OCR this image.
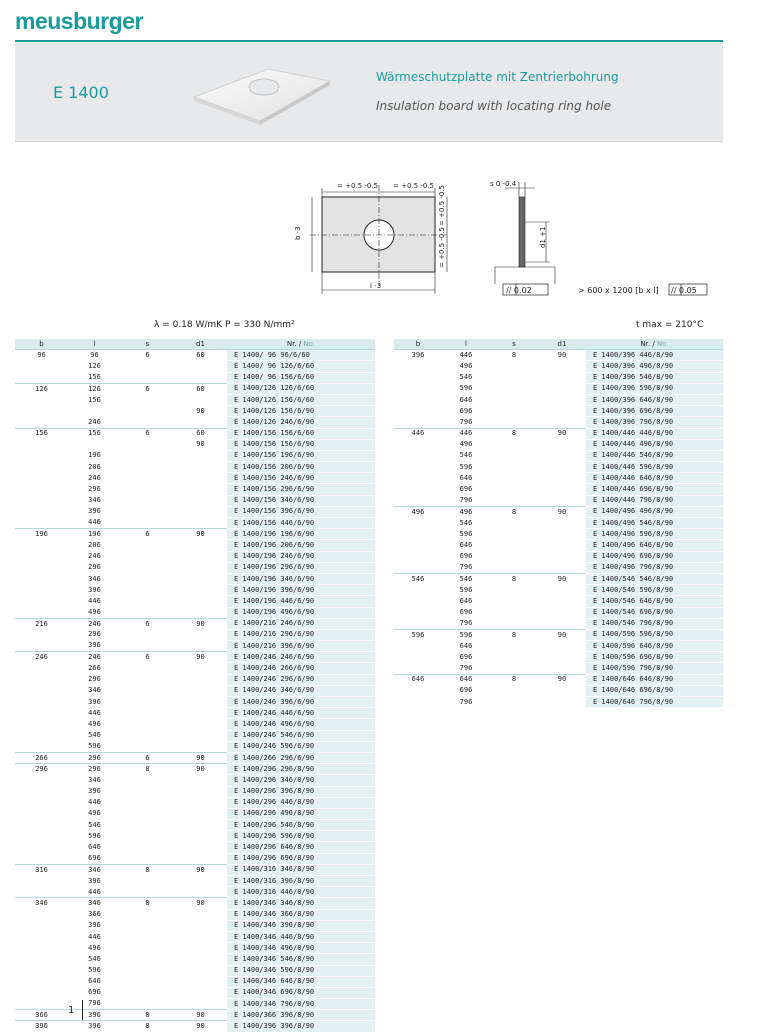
meusburger
E 1400
Wärmeschutzplatte mit Zentrierbohrung
Insulation board with locating ring hole
= +0.5 -0.5 = +0.5 -0.5
b -3
= +0.5 -0.5
= +0.5 -0.5
l -3
s 0 -0.4
d1 +1
// 0.02	> 600 x 1200 [b x l] // 0.05
λ = 0.18 W/mK P = 330 N/mm²	t max = 210°C
b	l	s	d1	Nr. / No.
96	96	6	60	E 1400/ 96 96/6/60
	126			E 1400/ 96 126/6/60
	156			E 1400/ 96 156/6/60
126	126	6	60	E 1400/126 126/6/60
	156			E 1400/126 156/6/60
			90	E 1400/126 156/6/90
	246			E 1400/126 246/6/90
156	156	6	60	E 1400/156 156/6/60
			90	E 1400/156 156/6/90
	196			E 1400/156 196/6/90
	206			E 1400/156 206/6/90
	246			E 1400/156 246/6/90
	296			E 1400/156 296/6/90
	346			E 1400/156 346/6/90
	396			E 1400/156 396/6/90
	446			E 1400/156 446/6/90
196	196	6	90	E 1400/196 196/6/90
	206			E 1400/196 206/6/90
	246			E 1400/196 246/6/90
	296			E 1400/196 296/6/90
	346			E 1400/196 346/6/90
	396			E 1400/196 396/6/90
	446			E 1400/196 446/6/90
	496			E 1400/196 496/6/90
216	246	6	90	E 1400/216 246/6/90
	296			E 1400/216 296/6/90
	396			E 1400/216 396/6/90
246	246	6	90	E 1400/246 246/6/90
	266			E 1400/246 266/6/90
	296			E 1400/246 296/6/90
	346			E 1400/246 346/6/90
	396			E 1400/246 396/6/90
	446			E 1400/246 446/6/90
	496			E 1400/246 496/6/90
	546			E 1400/246 546/6/90
	596			E 1400/246 596/6/90
266	296	6	90	E 1400/266 296/6/90
296	296	8	90	E 1400/296 296/8/90
	346			E 1400/296 346/8/90
	396			E 1400/296 396/8/90
	446			E 1400/296 446/8/90
	496			E 1400/296 496/8/90
	546			E 1400/296 546/8/90
	596			E 1400/296 596/8/90
	646			E 1400/296 646/8/90
	696			E 1400/296 696/8/90
316	346	8	90	E 1400/316 346/8/90
	396			E 1400/316 396/8/90
	446			E 1400/316 446/8/90
346	346	8	90	E 1400/346 346/8/90
	366			E 1400/346 366/8/90
	396			E 1400/346 396/8/90
	446			E 1400/346 446/8/90
	496			E 1400/346 496/8/90
	546			E 1400/346 546/8/90
	596			E 1400/346 596/8/90
	646			E 1400/346 646/8/90
	696			E 1400/346 696/8/90
	796			E 1400/346 796/8/90
366	396	8	90	E 1400/366 396/8/90
396	396	8	90	E 1400/396 396/8/90
b	l	s	d1	Nr. / No.
396	446	8	90	E 1400/396 446/8/90
	496			E 1400/396 496/8/90
	546			E 1400/396 546/8/90
	596			E 1400/396 596/8/90
	646			E 1400/396 646/8/90
	696			E 1400/396 696/8/90
	796			E 1400/396 796/8/90
446	446	8	90	E 1400/446 446/8/90
	496			E 1400/446 496/8/90
	546			E 1400/446 546/8/90
	596			E 1400/446 596/8/90
	646			E 1400/446 646/8/90
	696			E 1400/446 696/8/90
	796			E 1400/446 796/8/90
496	496	8	90	E 1400/496 496/8/90
	546			E 1400/496 546/8/90
	596			E 1400/496 596/8/90
	646			E 1400/496 646/8/90
	696			E 1400/496 696/8/90
	796			E 1400/496 796/8/90
546	546	8	90	E 1400/546 546/8/90
	596			E 1400/546 596/8/90
	646			E 1400/546 646/8/90
	696			E 1400/546 696/8/90
	796			E 1400/546 796/8/90
596	596	8	90	E 1400/596 596/8/90
	646			E 1400/596 646/8/90
	696			E 1400/596 696/8/90
	796			E 1400/596 796/8/90
646	646	8	90	E 1400/646 646/8/90
	696			E 1400/646 696/8/90
	796			E 1400/646 796/8/90
1
